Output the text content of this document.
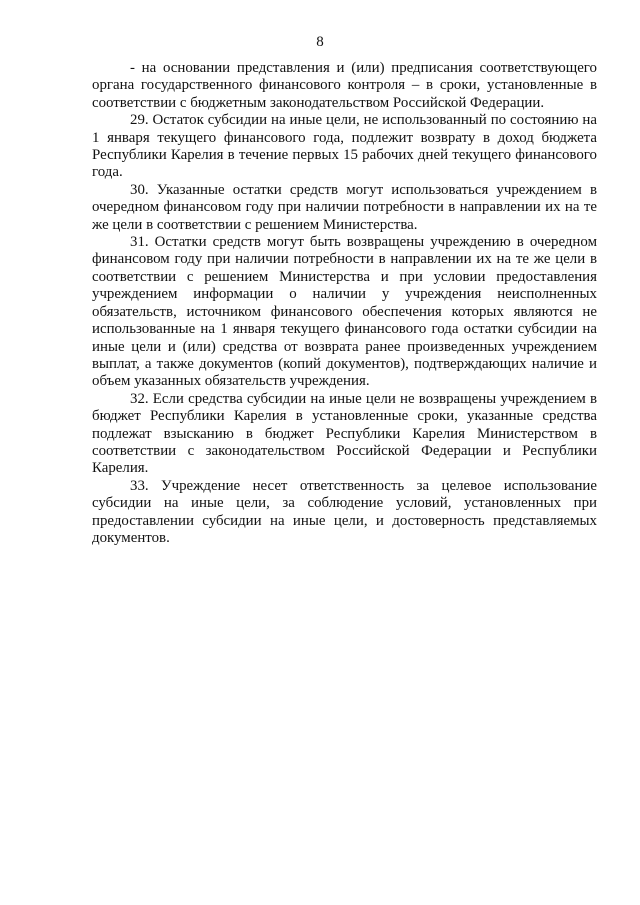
8

- на основании представления и (или) предписания соответствующего органа государственного финансового контроля – в сроки, установленные в соответствии с бюджетным законодательством Российской Федерации.

29. Остаток субсидии на иные цели, не использованный по состоянию на 1 января текущего финансового года, подлежит возврату в доход бюджета Республики Карелия в течение первых 15 рабочих дней текущего финансового года.

30. Указанные остатки средств могут использоваться учреждением в очередном финансовом году при наличии потребности в направлении их на те же цели в соответствии с решением Министерства.

31. Остатки средств могут быть возвращены учреждению в очередном финансовом году при наличии потребности в направлении их на те же цели в соответствии с решением Министерства и при условии предоставления учреждением информации о наличии у учреждения неисполненных обязательств, источником финансового обеспечения которых являются не использованные на 1 января текущего финансового года остатки субсидии на иные цели и (или) средства от возврата ранее произведенных учреждением выплат, а также документов (копий документов), подтверждающих наличие и объем указанных обязательств учреждения.

32. Если средства субсидии на иные цели не возвращены учреждением в бюджет Республики Карелия в установленные сроки, указанные средства подлежат взысканию в бюджет Республики Карелия Министерством в соответствии с законодательством Российской Федерации и Республики Карелия.

33. Учреждение несет ответственность за целевое использование субсидии на иные цели, за соблюдение условий, установленных при предоставлении субсидии на иные цели, и достоверность представляемых документов.
